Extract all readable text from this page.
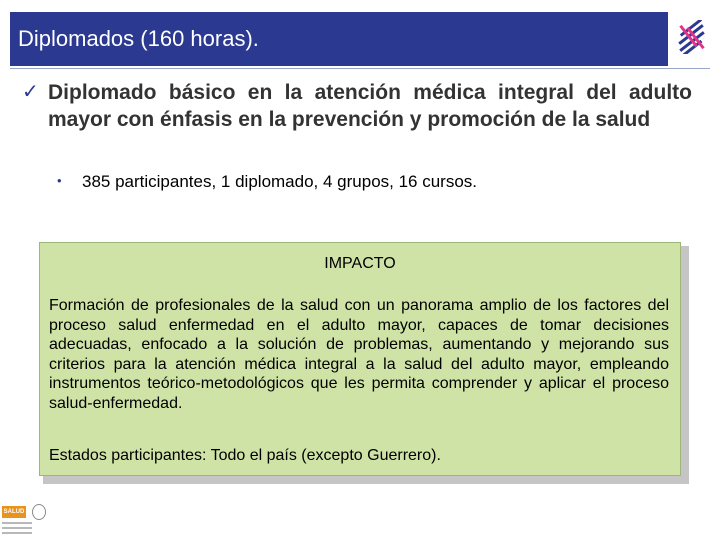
Diplomados (160 horas).
✓ Diplomado básico en la atención médica integral del adulto mayor con énfasis en la prevención y promoción de la salud
• 385 participantes, 1 diplomado, 4 grupos, 16 cursos.
IMPACTO
Formación de profesionales de la salud con un panorama amplio de los factores del proceso salud enfermedad en el adulto mayor, capaces de tomar decisiones adecuadas, enfocado a la solución de problemas, aumentando y mejorando sus criterios para la atención médica integral a la salud del adulto mayor, empleando instrumentos teórico-metodológicos que les permita comprender y aplicar el proceso salud-enfermedad.
Estados participantes: Todo el país (excepto Guerrero).
SALUD
